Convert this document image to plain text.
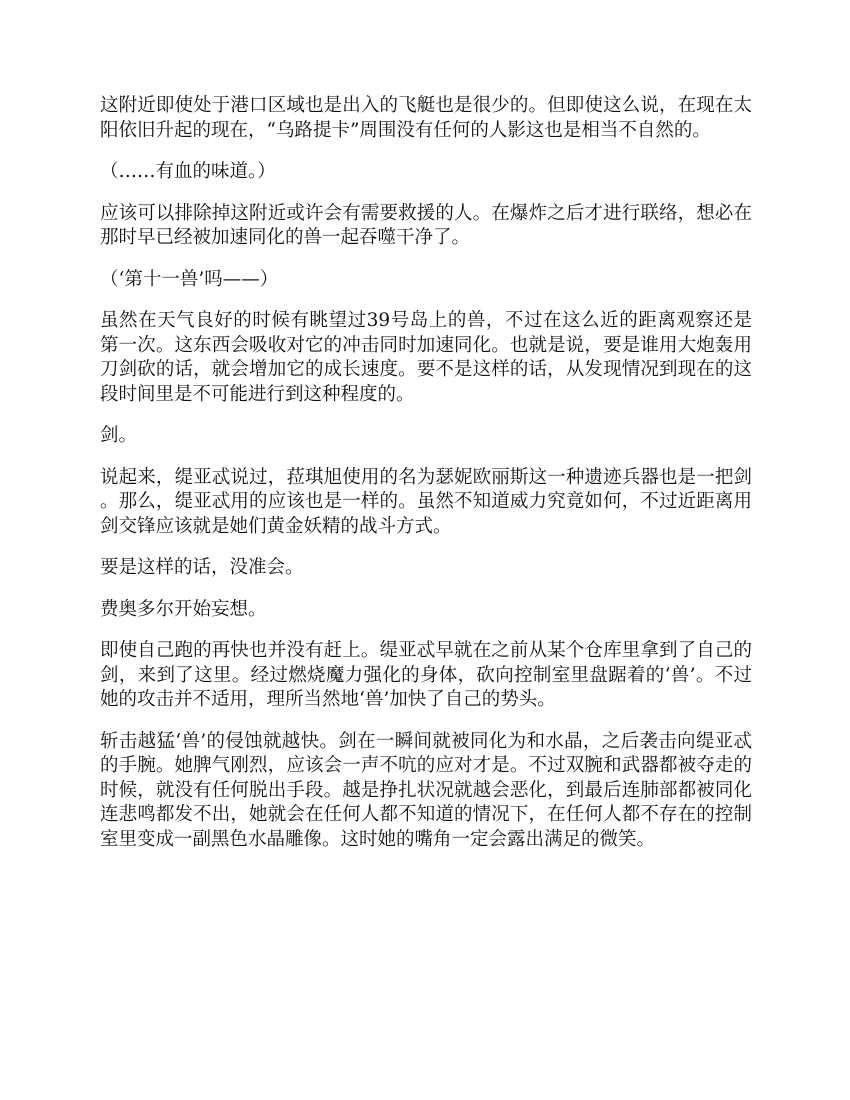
这附近即使处于港口区域也是出入的飞艇也是很少的。但即使这么说，在现在太阳依旧升起的现在，“乌路提卡”周围没有任何的人影这也是相当不自然的。

（……有血的味道。）

应该可以排除掉这附近或许会有需要救援的人。在爆炸之后才进行联络，想必在那时早已经被加速同化的兽一起吞噬干净了。

（‘第十一兽’吗——）

虽然在天气良好的时候有眺望过39号岛上的兽，不过在这么近的距离观察还是第一次。这东西会吸收对它的冲击同时加速同化。也就是说，要是谁用大炮轰用刀剑砍的话，就会增加它的成长速度。要不是这样的话，从发现情况到现在的这段时间里是不可能进行到这种程度的。

剑。

说起来，缇亚忒说过，菈琪旭使用的名为瑟妮欧丽斯这一种遗迹兵器也是一把剑。那么，缇亚忒用的应该也是一样的。虽然不知道威力究竟如何，不过近距离用剑交锋应该就是她们黄金妖精的战斗方式。

要是这样的话，没准会。

费奥多尔开始妄想。

即使自己跑的再快也并没有赶上。缇亚忒早就在之前从某个仓库里拿到了自己的剑，来到了这里。经过燃烧魔力强化的身体，砍向控制室里盘踞着的‘兽’。不过她的攻击并不适用，理所当然地‘兽’加快了自己的势头。

斩击越猛‘兽’的侵蚀就越快。剑在一瞬间就被同化为和水晶，之后袭击向缇亚忒的手腕。她脾气刚烈，应该会一声不吭的应对才是。不过双腕和武器都被夺走的时候，就没有任何脱出手段。越是挣扎状况就越会恶化，到最后连肺部都被同化连悲鸣都发不出，她就会在任何人都不知道的情况下，在任何人都不存在的控制室里变成一副黑色水晶雕像。这时她的嘴角一定会露出满足的微笑。
